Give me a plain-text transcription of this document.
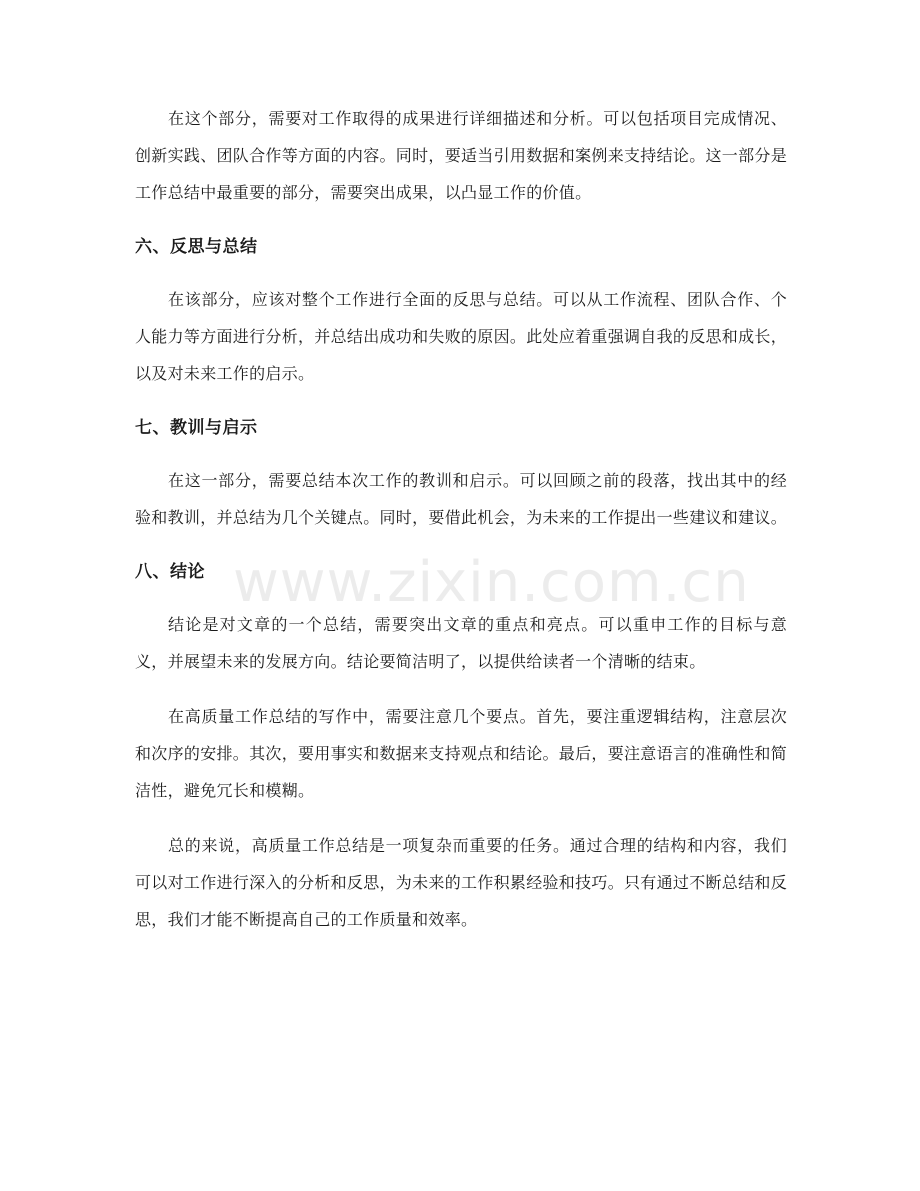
在这个部分，需要对工作取得的成果进行详细描述和分析。可以包括项目完成情况、创新实践、团队合作等方面的内容。同时，要适当引用数据和案例来支持结论。这一部分是工作总结中最重要的部分，需要突出成果，以凸显工作的价值。

六、反思与总结

在该部分，应该对整个工作进行全面的反思与总结。可以从工作流程、团队合作、个人能力等方面进行分析，并总结出成功和失败的原因。此处应着重强调自我的反思和成长，以及对未来工作的启示。

七、教训与启示

在这一部分，需要总结本次工作的教训和启示。可以回顾之前的段落，找出其中的经验和教训，并总结为几个关键点。同时，要借此机会，为未来的工作提出一些建议和建议。

八、结论

结论是对文章的一个总结，需要突出文章的重点和亮点。可以重申工作的目标与意义，并展望未来的发展方向。结论要简洁明了，以提供给读者一个清晰的结束。

在高质量工作总结的写作中，需要注意几个要点。首先，要注重逻辑结构，注意层次和次序的安排。其次，要用事实和数据来支持观点和结论。最后，要注意语言的准确性和简洁性，避免冗长和模糊。

总的来说，高质量工作总结是一项复杂而重要的任务。通过合理的结构和内容，我们可以对工作进行深入的分析和反思，为未来的工作积累经验和技巧。只有通过不断总结和反思，我们才能不断提高自己的工作质量和效率。

www.zixin.com.cn
